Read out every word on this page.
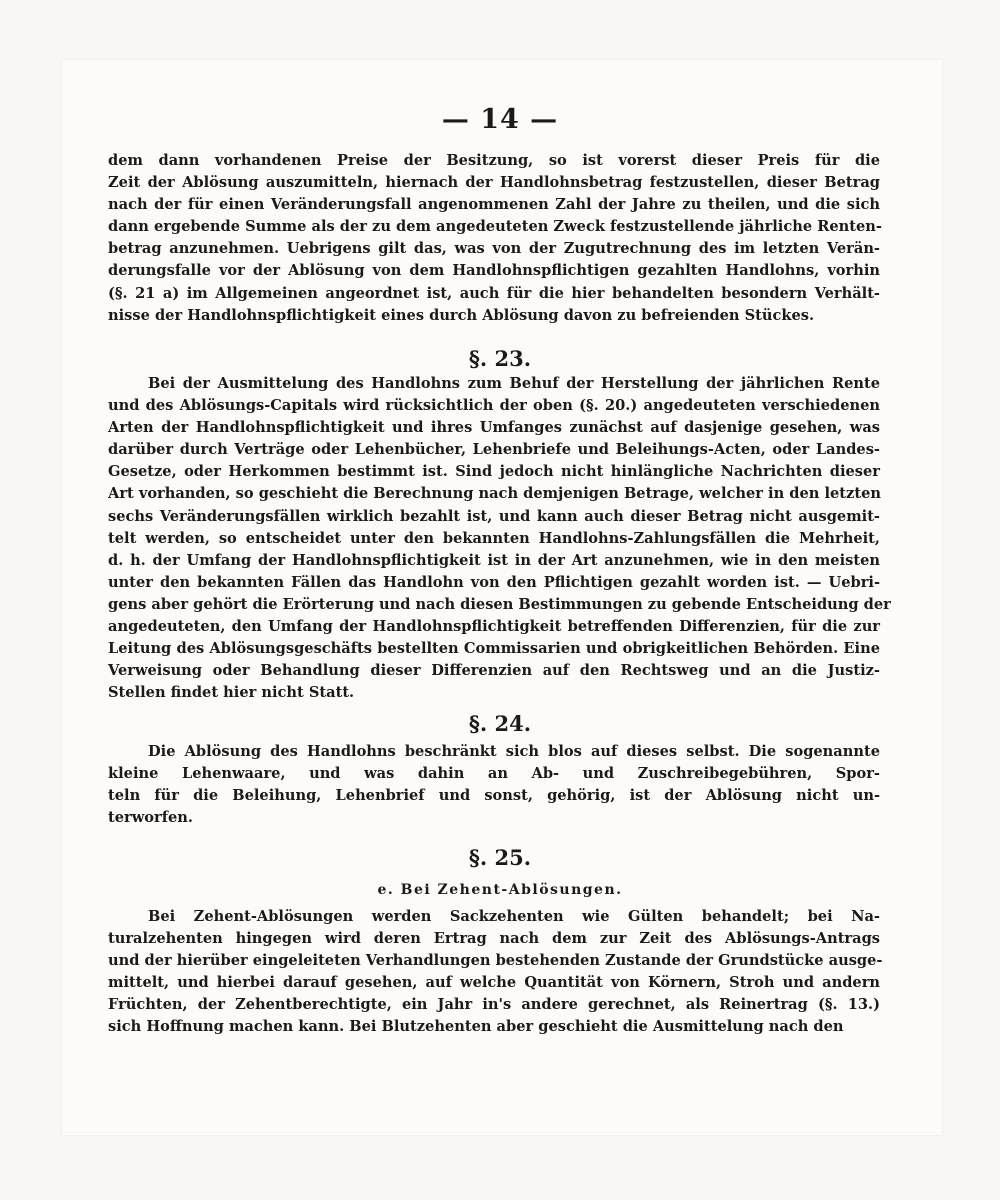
— 14 —
dem dann vorhandenen Preise der Besitzung, so ist vorerst dieser Preis für die
Zeit der Ablösung auszumitteln, hiernach der Handlohnsbetrag festzustellen, dieser Betrag
nach der für einen Veränderungsfall angenommenen Zahl der Jahre zu theilen, und die sich
dann ergebende Summe als der zu dem angedeuteten Zweck festzustellende jährliche Renten-
betrag anzunehmen. Uebrigens gilt das, was von der Zugutrechnung des im letzten Verän-
derungsfalle vor der Ablösung von dem Handlohnspflichtigen gezahlten Handlohns, vorhin
(§. 21 a) im Allgemeinen angeordnet ist, auch für die hier behandelten besondern Verhält-
nisse der Handlohnspflichtigkeit eines durch Ablösung davon zu befreienden Stückes.
§. 23.
Bei der Ausmittelung des Handlohns zum Behuf der Herstellung der jährlichen Rente
und des Ablösungs-Capitals wird rücksichtlich der oben (§. 20.) angedeuteten verschiedenen
Arten der Handlohnspflichtigkeit und ihres Umfanges zunächst auf dasjenige gesehen, was
darüber durch Verträge oder Lehenbücher, Lehenbriefe und Beleihungs-Acten, oder Landes-
Gesetze, oder Herkommen bestimmt ist. Sind jedoch nicht hinlängliche Nachrichten dieser
Art vorhanden, so geschieht die Berechnung nach demjenigen Betrage, welcher in den letzten
sechs Veränderungsfällen wirklich bezahlt ist, und kann auch dieser Betrag nicht ausgemit-
telt werden, so entscheidet unter den bekannten Handlohns-Zahlungsfällen die Mehrheit,
d. h. der Umfang der Handlohnspflichtigkeit ist in der Art anzunehmen, wie in den meisten
unter den bekannten Fällen das Handlohn von den Pflichtigen gezahlt worden ist. — Uebri-
gens aber gehört die Erörterung und nach diesen Bestimmungen zu gebende Entscheidung der
angedeuteten, den Umfang der Handlohnspflichtigkeit betreffenden Differenzien, für die zur
Leitung des Ablösungsgeschäfts bestellten Commissarien und obrigkeitlichen Behörden. Eine
Verweisung oder Behandlung dieser Differenzien auf den Rechtsweg und an die Justiz-
Stellen findet hier nicht Statt.
§. 24.
Die Ablösung des Handlohns beschränkt sich blos auf dieses selbst. Die sogenannte
kleine Lehenwaare, und was dahin an Ab- und Zuschreibegebühren, Spor-
teln für die Beleihung, Lehenbrief und sonst, gehörig, ist der Ablösung nicht un-
terworfen.
§. 25.
e. Bei Zehent-Ablösungen.
Bei Zehent-Ablösungen werden Sackzehenten wie Gülten behandelt; bei Na-
turalzehenten hingegen wird deren Ertrag nach dem zur Zeit des Ablösungs-Antrags
und der hierüber eingeleiteten Verhandlungen bestehenden Zustande der Grundstücke ausge-
mittelt, und hierbei darauf gesehen, auf welche Quantität von Körnern, Stroh und andern
Früchten, der Zehentberechtigte, ein Jahr in's andere gerechnet, als Reinertrag (§. 13.)
sich Hoffnung machen kann. Bei Blutzehenten aber geschieht die Ausmittelung nach den
